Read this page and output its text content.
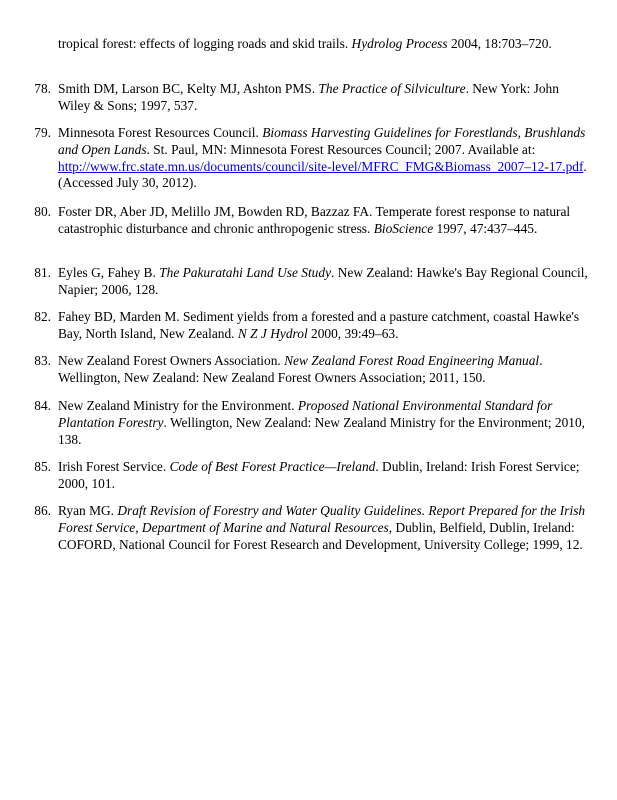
tropical forest: effects of logging roads and skid trails. Hydrolog Process 2004, 18:703–720.
78. Smith DM, Larson BC, Kelty MJ, Ashton PMS. The Practice of Silviculture. New York: John Wiley & Sons; 1997, 537.
79. Minnesota Forest Resources Council. Biomass Harvesting Guidelines for Forestlands, Brushlands and Open Lands. St. Paul, MN: Minnesota Forest Resources Council; 2007. Available at: http://www.frc.state.mn.us/documents/council/site-level/MFRC_FMG&Biomass_2007–12-17.pdf. (Accessed July 30, 2012).
80. Foster DR, Aber JD, Melillo JM, Bowden RD, Bazzaz FA. Temperate forest response to natural catastrophic disturbance and chronic anthropogenic stress. BioScience 1997, 47:437–445.
81. Eyles G, Fahey B. The Pakuratahi Land Use Study. New Zealand: Hawke's Bay Regional Council, Napier; 2006, 128.
82. Fahey BD, Marden M. Sediment yields from a forested and a pasture catchment, coastal Hawke's Bay, North Island, New Zealand. N Z J Hydrol 2000, 39:49–63.
83. New Zealand Forest Owners Association. New Zealand Forest Road Engineering Manual. Wellington, New Zealand: New Zealand Forest Owners Association; 2011, 150.
84. New Zealand Ministry for the Environment. Proposed National Environmental Standard for Plantation Forestry. Wellington, New Zealand: New Zealand Ministry for the Environment; 2010, 138.
85. Irish Forest Service. Code of Best Forest Practice—Ireland. Dublin, Ireland: Irish Forest Service; 2000, 101.
86. Ryan MG. Draft Revision of Forestry and Water Quality Guidelines. Report Prepared for the Irish Forest Service, Department of Marine and Natural Resources, Dublin, Belfield, Dublin, Ireland: COFORD, National Council for Forest Research and Development, University College; 1999, 12.
